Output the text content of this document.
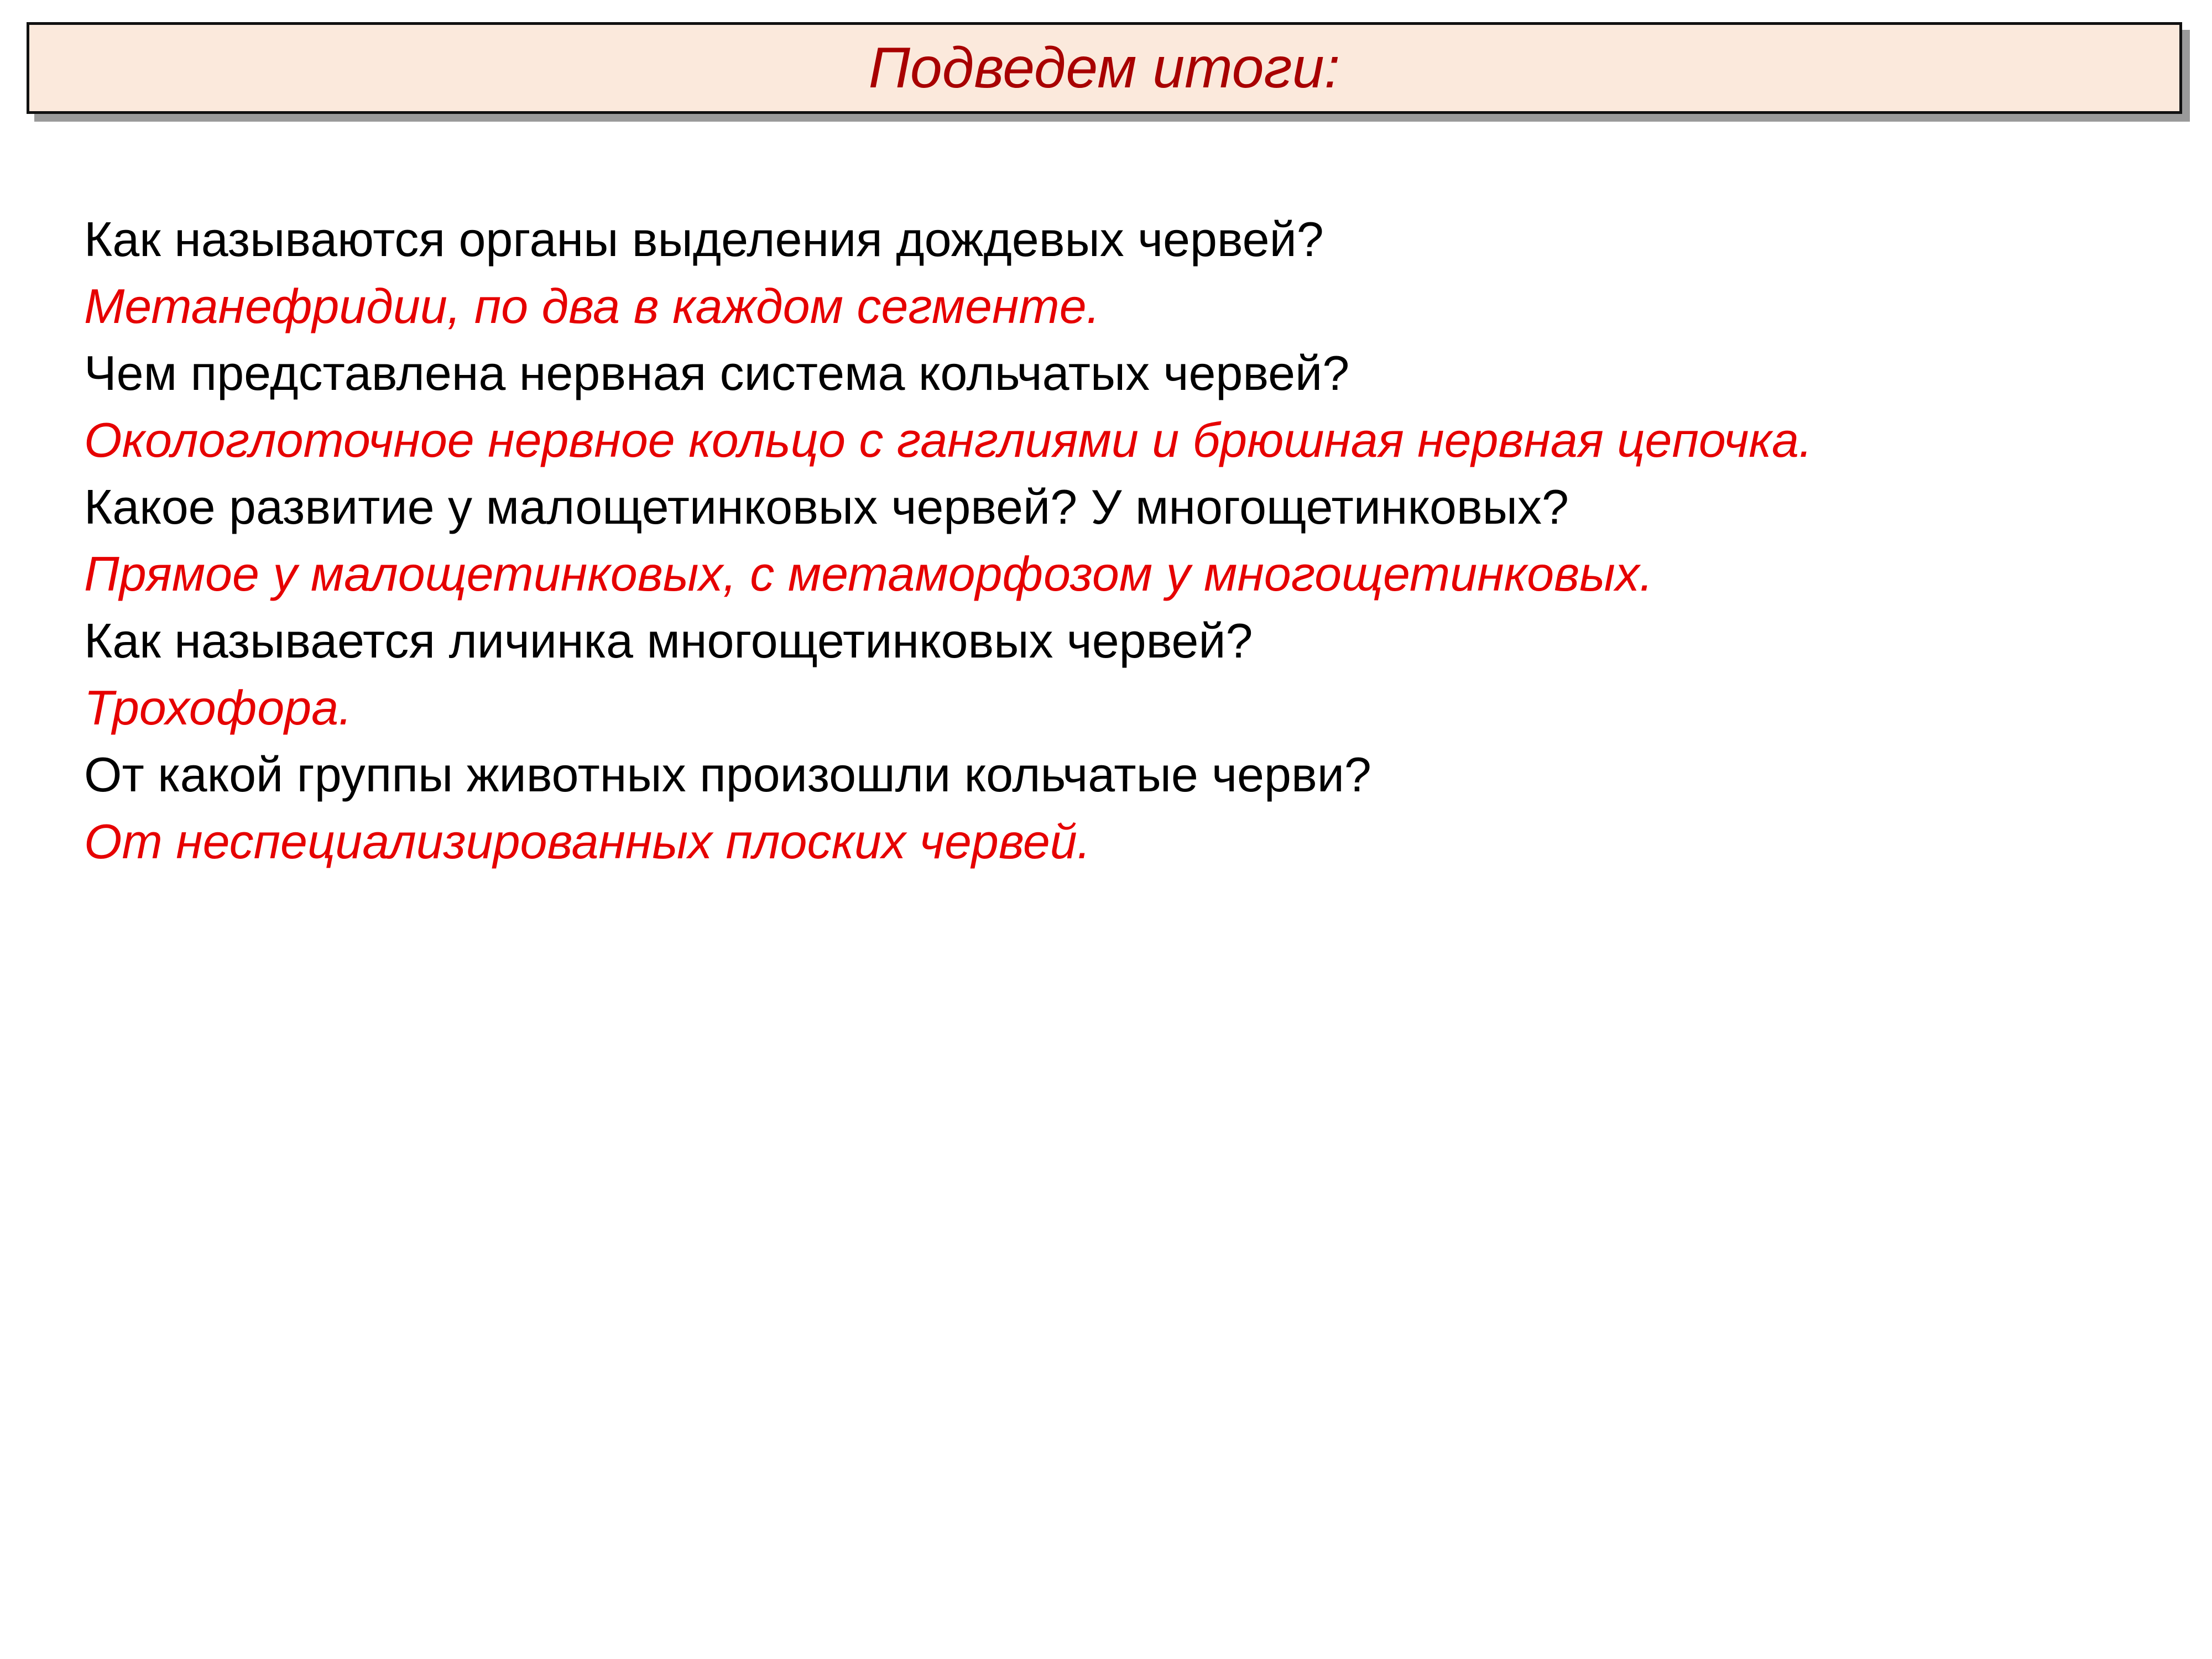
Подведем итоги:
Как называются органы выделения дождевых червей?
Метанефридии, по два в каждом сегменте.
Чем представлена нервная система кольчатых червей?
Окологлоточное нервное кольцо с ганглиями и брюшная нервная цепочка.
Какое развитие у малощетинковых червей? У многощетинковых?
Прямое у малощетинковых, с метаморфозом у многощетинковых.
Как называется личинка многощетинковых червей?
Трохофора.
От какой группы животных произошли кольчатые черви?
От неспециализированных плоских червей.
